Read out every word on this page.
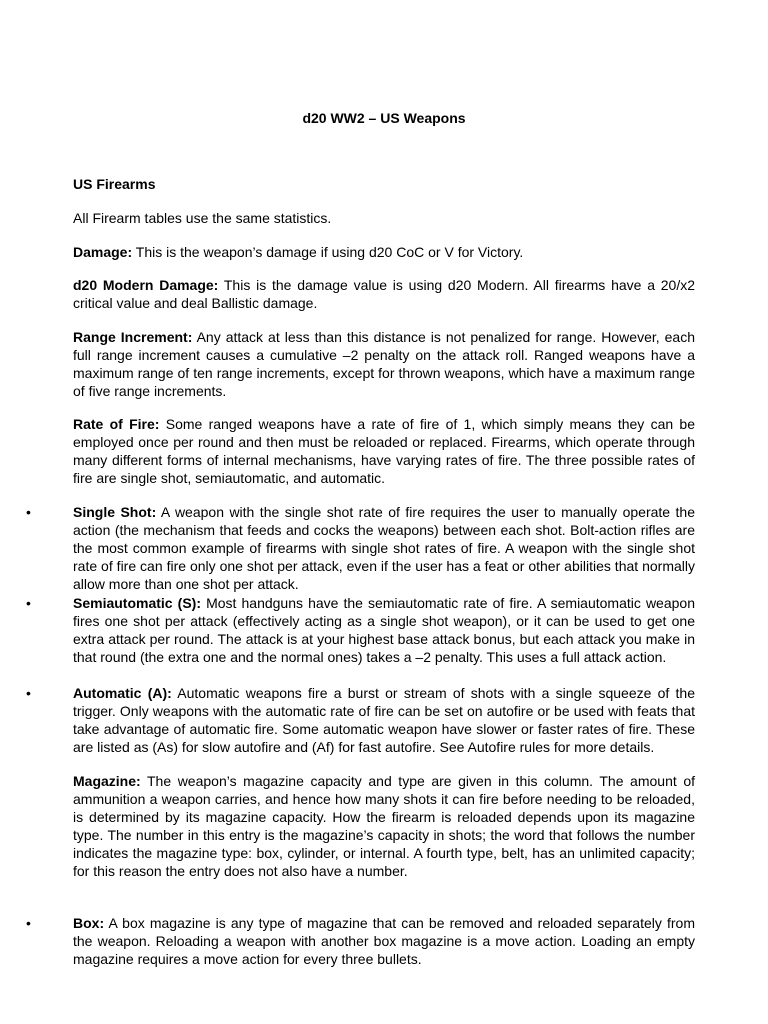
d20 WW2 – US Weapons
US Firearms
All Firearm tables use the same statistics.
Damage: This is the weapon’s damage if using d20 CoC or V for Victory.
d20 Modern Damage: This is the damage value is using d20 Modern. All firearms have a 20/x2 critical value and deal Ballistic damage.
Range Increment: Any attack at less than this distance is not penalized for range. However, each full range increment causes a cumulative –2 penalty on the attack roll. Ranged weapons have a maximum range of ten range increments, except for thrown weapons, which have a maximum range of five range increments.
Rate of Fire: Some ranged weapons have a rate of fire of 1, which simply means they can be employed once per round and then must be reloaded or replaced. Firearms, which operate through many different forms of internal mechanisms, have varying rates of fire. The three possible rates of fire are single shot, semiautomatic, and automatic.
•	Single Shot: A weapon with the single shot rate of fire requires the user to manually operate the action (the mechanism that feeds and cocks the weapons) between each shot. Bolt-action rifles are the most common example of firearms with single shot rates of fire. A weapon with the single shot rate of fire can fire only one shot per attack, even if the user has a feat or other abilities that normally allow more than one shot per attack.
•	Semiautomatic (S): Most handguns have the semiautomatic rate of fire. A semiautomatic weapon fires one shot per attack (effectively acting as a single shot weapon), or it can be used to get one extra attack per round. The attack is at your highest base attack bonus, but each attack you make in that round (the extra one and the normal ones) takes a –2 penalty. This uses a full attack action.
•	Automatic (A): Automatic weapons fire a burst or stream of shots with a single squeeze of the trigger. Only weapons with the automatic rate of fire can be set on autofire or be used with feats that take advantage of automatic fire. Some automatic weapon have slower or faster rates of fire. These are listed as (As) for slow autofire and (Af) for fast autofire. See Autofire rules for more details.
Magazine: The weapon’s magazine capacity and type are given in this column. The amount of ammunition a weapon carries, and hence how many shots it can fire before needing to be reloaded, is determined by its magazine capacity. How the firearm is reloaded depends upon its magazine type. The number in this entry is the magazine’s capacity in shots; the word that follows the number indicates the magazine type: box, cylinder, or internal. A fourth type, belt, has an unlimited capacity; for this reason the entry does not also have a number.
•	Box: A box magazine is any type of magazine that can be removed and reloaded separately from the weapon. Reloading a weapon with another box magazine is a move action. Loading an empty magazine requires a move action for every three bullets.
